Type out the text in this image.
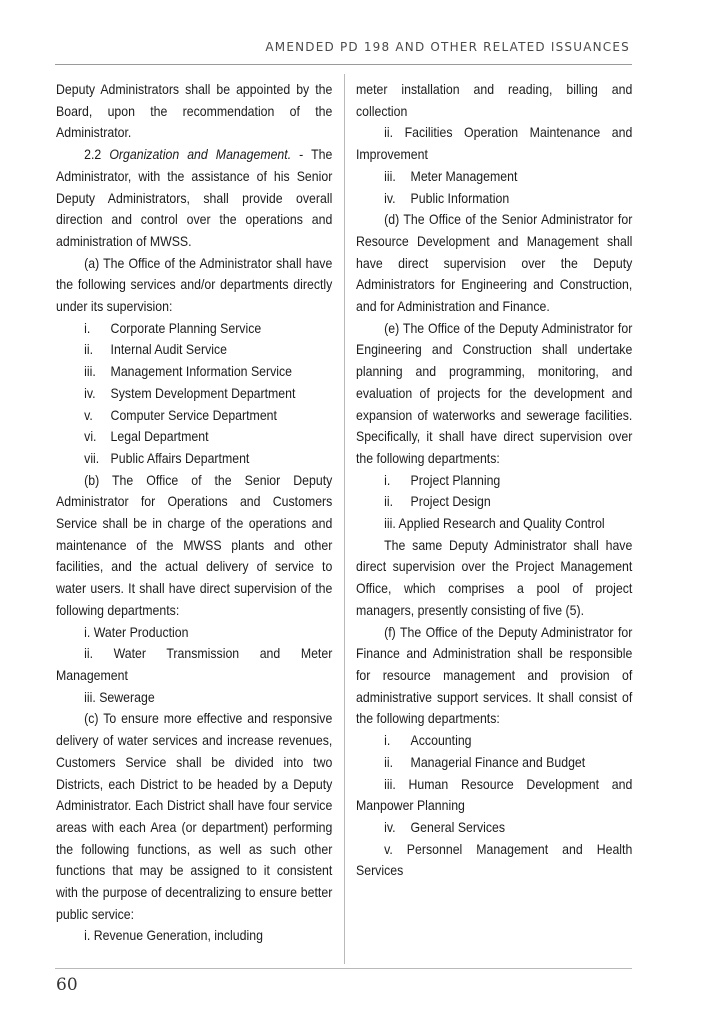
AMENDED PD 198 AND OTHER RELATED ISSUANCES

Deputy Administrators shall be appointed by the Board, upon the recommendation of the Administrator.

2.2 Organization and Management. - The Administrator, with the assistance of his Senior Deputy Administrators, shall provide overall direction and control over the operations and administration of MWSS.

(a) The Office of the Administrator shall have the following services and/or departments directly under its supervision:

i.	Corporate Planning Service
ii.	Internal Audit Service
iii.	Management Information Service
iv.	System Development Department
v.	Computer Service Department
vi.	Legal Department
vii. Public Affairs Department

(b) The Office of the Senior Deputy Administrator for Operations and Customers Service shall be in charge of the operations and maintenance of the MWSS plants and other facilities, and the actual delivery of service to water users. It shall have direct supervision of the following departments:

i. Water Production

ii. Water Transmission and Meter Management

iii. Sewerage

(c) To ensure more effective and responsive delivery of water services and increase revenues, Customers Service shall be divided into two Districts, each District to be headed by a Deputy Administrator. Each District shall have four service areas with each Area (or department) performing the following functions, as well as such other functions that may be assigned to it consistent with the purpose of decentralizing to ensure better public service:

i. Revenue Generation, including

meter installation and reading, billing and collection

ii. Facilities Operation Maintenance and Improvement

iii.	Meter Management
iv.	Public Information

(d) The Office of the Senior Administrator for Resource Development and Management shall have direct supervision over the Deputy Administrators for Engineering and Construction, and for Administration and Finance.

(e) The Office of the Deputy Administrator for Engineering and Construction shall undertake planning and programming, monitoring, and evaluation of projects for the development and expansion of waterworks and sewerage facilities. Specifically, it shall have direct supervision over the following departments:

i.	Project Planning
ii.	Project Design

iii. Applied Research and Quality Control

The same Deputy Administrator shall have direct supervision over the Project Management Office, which comprises a pool of project managers, presently consisting of five (5).

(f) The Office of the Deputy Administrator for Finance and Administration shall be responsible for resource management and provision of administrative support services. It shall consist of the following departments:

i.	Accounting
ii.	Managerial Finance and Budget

iii. Human Resource Development and Manpower Planning

iv.	General Services

v. Personnel Management and Health Services

60
